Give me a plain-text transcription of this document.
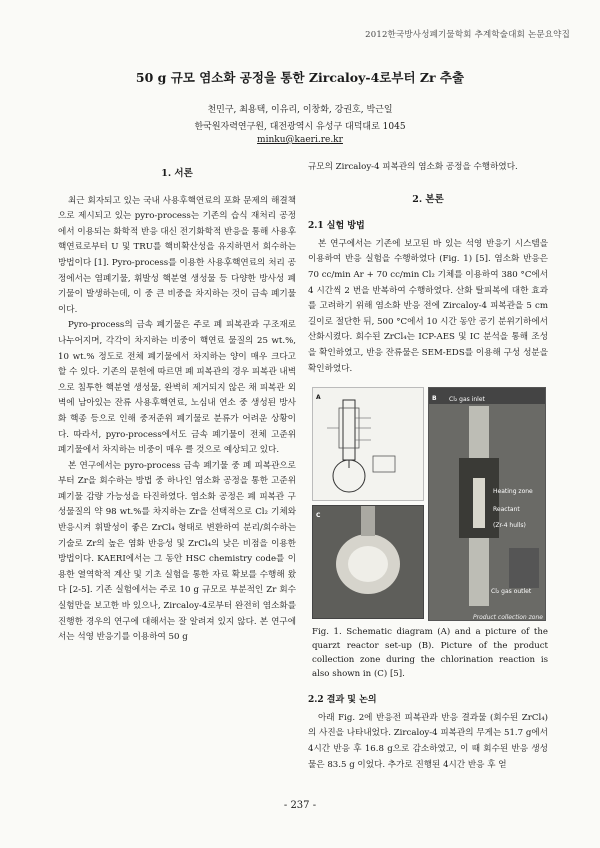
2012한국방사성폐기물학회 추계학술대회 논문요약집
50 g 규모 염소화 공정을 통한 Zircaloy-4로부터 Zr 추출
천민구, 최용택, 이유리, 이창화, 강권호, 박근일
한국원자력연구원, 대전광역시 유성구 대덕대로 1045
minku@kaeri.re.kr
1. 서론

최근 회자되고 있는 국내 사용후핵연료의 포화 문제의 해결책으로 제시되고 있는 pyro-process는 기존의 습식 재처리 공정에서 이용되는 화학적 반응 대신 전기화학적 반응을 통해 사용후핵연료로부터 U 및 TRU를 핵비확산성을 유지하면서 회수하는 방법이다 [1]. Pyro-process를 이용한 사용후핵연료의 처리 공정에서는 염폐기물, 휘발성 핵분열 생성물 등 다양한 방사성 폐기물이 발생하는데, 이 중 큰 비중을 차지하는 것이 금속 폐기물이다.

Pyro-process의 금속 폐기물은 주로 폐 피복관과 구조재로 나누어지며, 각각이 차지하는 비중이 핵연료 물질의 25 wt.%, 10 wt.% 정도로 전체 폐기물에서 차지하는 양이 매우 크다고 할 수 있다. 기존의 문헌에 따르면 폐 피복관의 경우 피복관 내벽으로 침투한 핵분열 생성물, 완벽히 제거되지 않은 채 피복관 외벽에 남아있는 잔류 사용후핵연료, 노심내 연소 중 생성된 방사화 핵종 등으로 인해 중저준위 폐기물로 분류가 어려운 상황이다. 따라서, pyro-process에서도 금속 폐기물이 전체 고준위 폐기물에서 차지하는 비중이 매우 클 것으로 예상되고 있다.

본 연구에서는 pyro-process 금속 폐기물 중 폐 피복관으로부터 Zr을 회수하는 방법 중 하나인 염소화 공정을 통한 고준위 폐기물 감량 가능성을 타진하였다. 염소화 공정은 폐 피복관 구성물질의 약 98 wt.%를 차지하는 Zr을 선택적으로 Cl₂ 기체와 반응시켜 휘발성이 좋은 ZrCl₄ 형태로 변환하여 분리/회수하는 기술로 Zr의 높은 염화 반응성 및 ZrCl₄의 낮은 비점을 이용한 방법이다. KAERI에서는 그 동안 HSC chemistry code를 이용한 열역학적 계산 및 기초 실험을 통한 자료 확보를 수행해 왔다 [2-5]. 기존 실험에서는 주로 10 g 규모로 부분적인 Zr 회수 실험만을 보고한 바 있으나, Zircaloy-4로부터 완전히 염소화를 진행한 경우의 연구에 대해서는 잘 알려져 있지 않다. 본 연구에서는 석영 반응기를 이용하여 50 g

규모의 Zircaloy-4 피복관의 염소화 공정을 수행하였다.

2. 본론
2.1 실험 방법

본 연구에서는 기존에 보고된 바 있는 석영 반응기 시스템을 이용하여 반응 실험을 수행하였다 (Fig. 1) [5]. 염소화 반응은 70 cc/min Ar + 70 cc/min Cl₂ 기체를 이용하여 380 °C에서 4 시간씩 2 번을 반복하여 수행하였다. 산화 탈피복에 대한 효과를 고려하기 위해 염소화 반응 전에 Zircaloy-4 피복관을 5 cm 길이로 절단한 뒤, 500 °C에서 10 시간 동안 공기 분위기하에서 산화시켰다. 회수된 ZrCl₄는 ICP-AES 및 IC 분석을 통해 조성을 확인하였고, 반응 잔류물은 SEM-EDS를 이용해 구성 성분을 확인하였다.

A	B Cl₂ gas inlet
Heating zone
Reactant
(Zr-4 hulls)
Cl₂ gas outlet
Product collection zone
C
Fig. 1. Schematic diagram (A) and a picture of the quarzt reactor set-up (B). Picture of the product collection zone during the chlorination reaction is also shown in (C) [5].
2.2 결과 및 논의

아래 Fig. 2에 반응전 피복관과 반응 결과물 (회수된 ZrCl₄)의 사진을 나타내었다. Zircaloy-4 피복관의 무게는 51.7 g에서 4시간 반응 후 16.8 g으로 감소하였고, 이 때 회수된 반응 생성물은 83.5 g 이었다. 추가로 진행된 4시간 반응 후 얻

- 237 -
